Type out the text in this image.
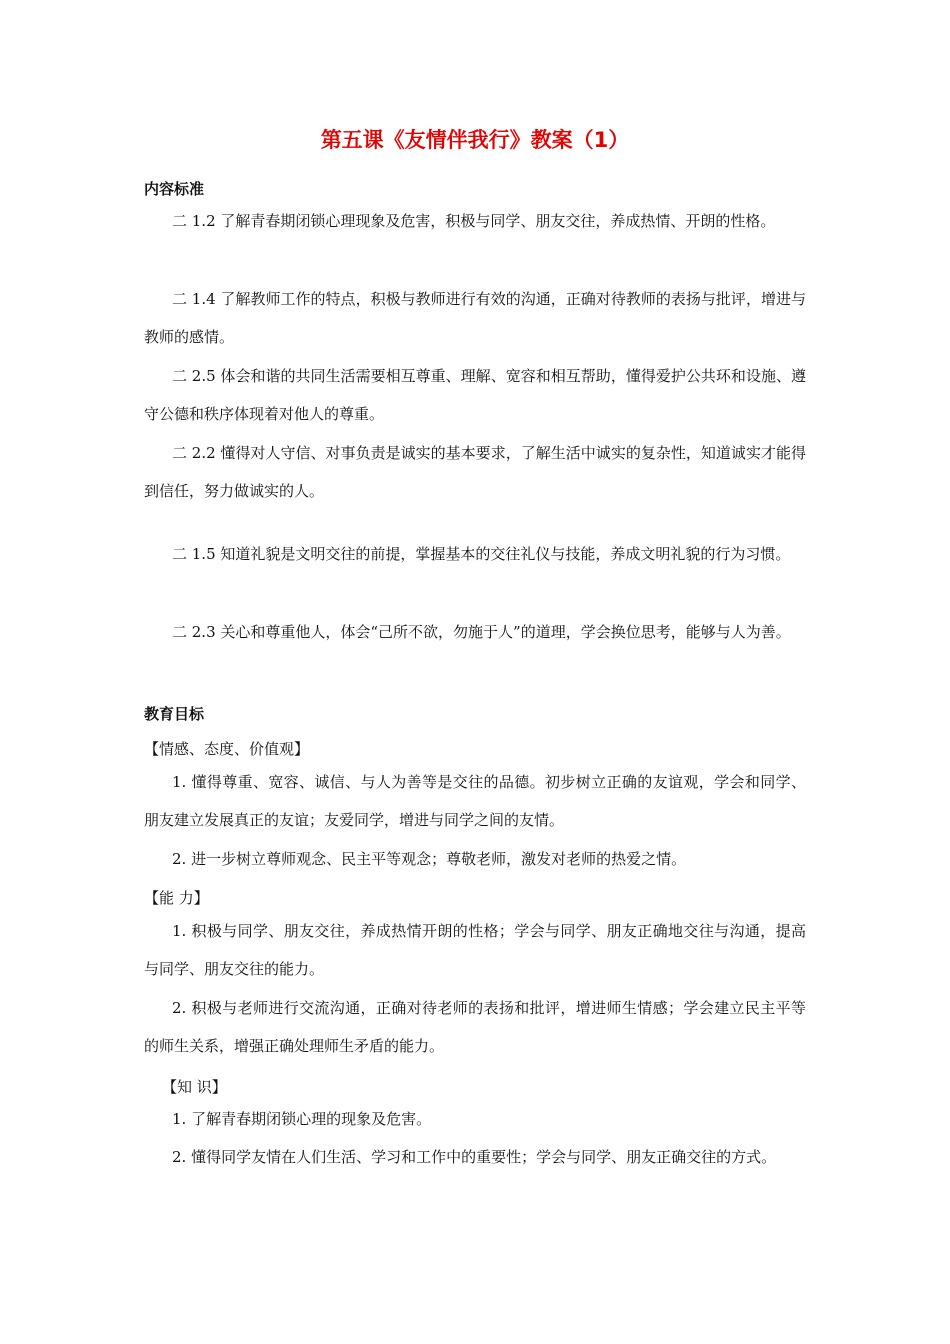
第五课《友情伴我行》教案（1）
内容标准

二 1.2 了解青春期闭锁心理现象及危害，积极与同学、朋友交往，养成热情、开朗的性格。

二 1.4 了解教师工作的特点，积极与教师进行有效的沟通，正确对待教师的表扬与批评，增进与教师的感情。

二 2.5 体会和谐的共同生活需要相互尊重、理解、宽容和相互帮助，懂得爱护公共环和设施、遵守公德和秩序体现着对他人的尊重。

二 2.2 懂得对人守信、对事负责是诚实的基本要求，了解生活中诚实的复杂性，知道诚实才能得到信任，努力做诚实的人。

二 1.5 知道礼貌是文明交往的前提，掌握基本的交往礼仪与技能，养成文明礼貌的行为习惯。

二 2.3 关心和尊重他人，体会“己所不欲，勿施于人”的道理，学会换位思考，能够与人为善。

教育目标
【情感、态度、价值观】

1. 懂得尊重、宽容、诚信、与人为善等是交往的品德。初步树立正确的友谊观，学会和同学、朋友建立发展真正的友谊；友爱同学，增进与同学之间的友情。

2. 进一步树立尊师观念、民主平等观念；尊敬老师，激发对老师的热爱之情。

【能 力】

1. 积极与同学、朋友交往，养成热情开朗的性格；学会与同学、朋友正确地交往与沟通，提高与同学、朋友交往的能力。

2. 积极与老师进行交流沟通，正确对待老师的表扬和批评，增进师生情感；学会建立民主平等的师生关系，增强正确处理师生矛盾的能力。

【知 识】

1. 了解青春期闭锁心理的现象及危害。

2. 懂得同学友情在人们生活、学习和工作中的重要性；学会与同学、朋友正确交往的方式。
